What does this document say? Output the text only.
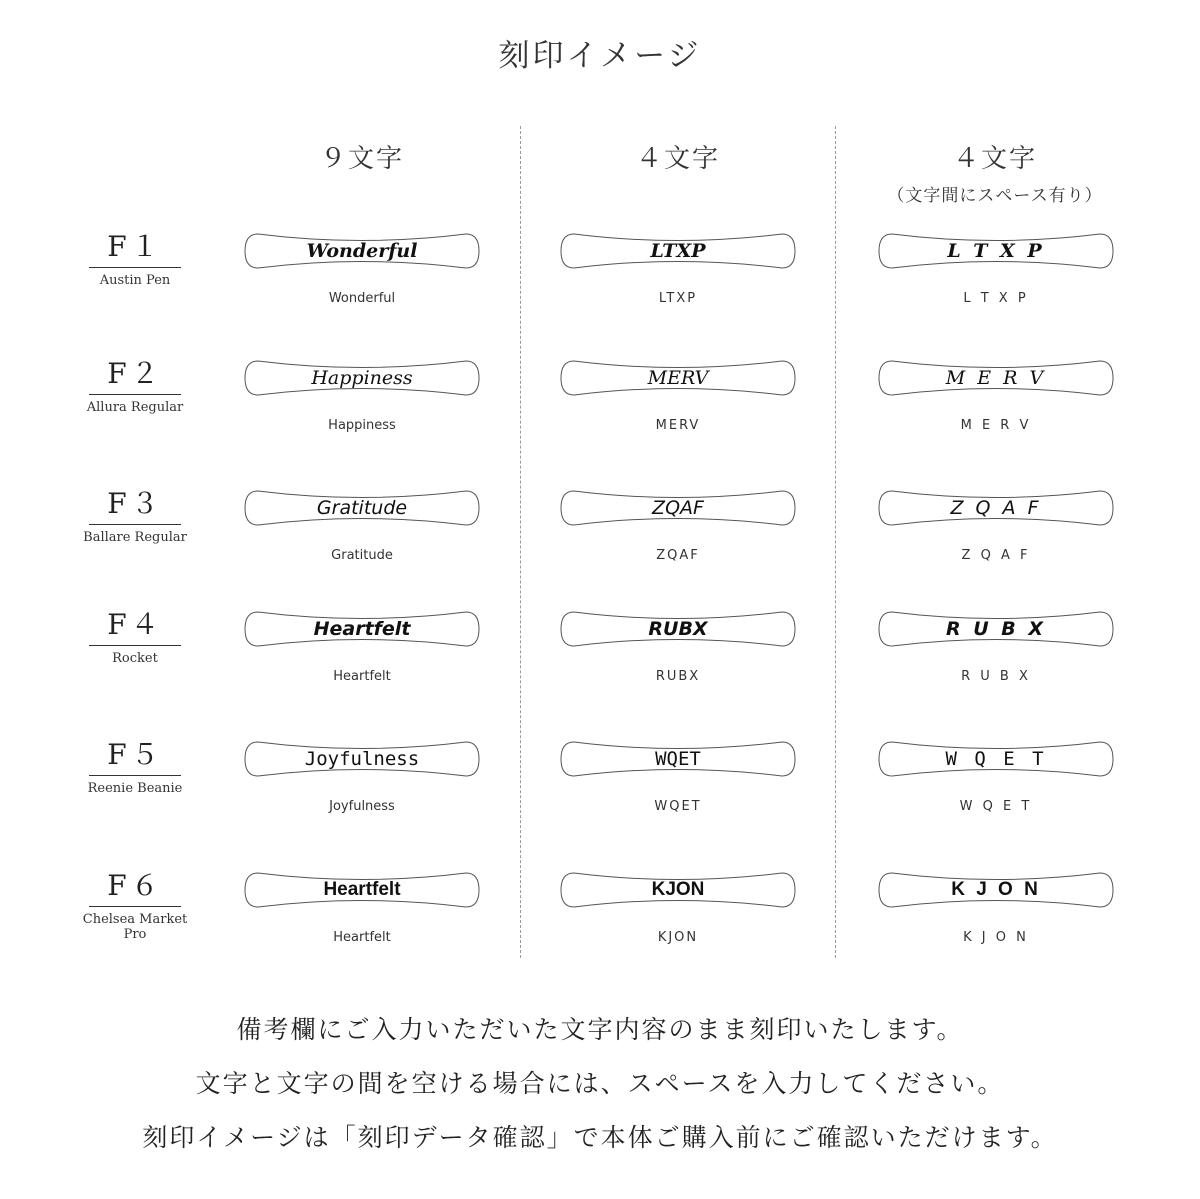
刻印イメージ
９文字	４文字	４文字
（文字間にスペース有り）
F１
Austin Pen
Wonderful
Wonderful
LTXP
LTXP
L T X P
L T X P
F２
Allura Regular
Happiness
Happiness
MERV
MERV
M E R V
M E R V
F３
Ballare Regular
Gratitude
Gratitude
ZQAF
ZQAF
Z Q A F
Z Q A F
F４
Rocket
Heartfelt
Heartfelt
RUBX
RUBX
R U B X
R U B X
F５
Reenie Beanie
Joyfulness
Joyfulness
WQET
WQET
W Q E T
W Q E T
F６
Chelsea Market Pro
Heartfelt
Heartfelt
KJON
KJON
K J O N
K J O N
備考欄にご入力いただいた文字内容のまま刻印いたします。
文字と文字の間を空ける場合には、スペースを入力してください。
刻印イメージは「刻印データ確認」で本体ご購入前にご確認いただけます。
